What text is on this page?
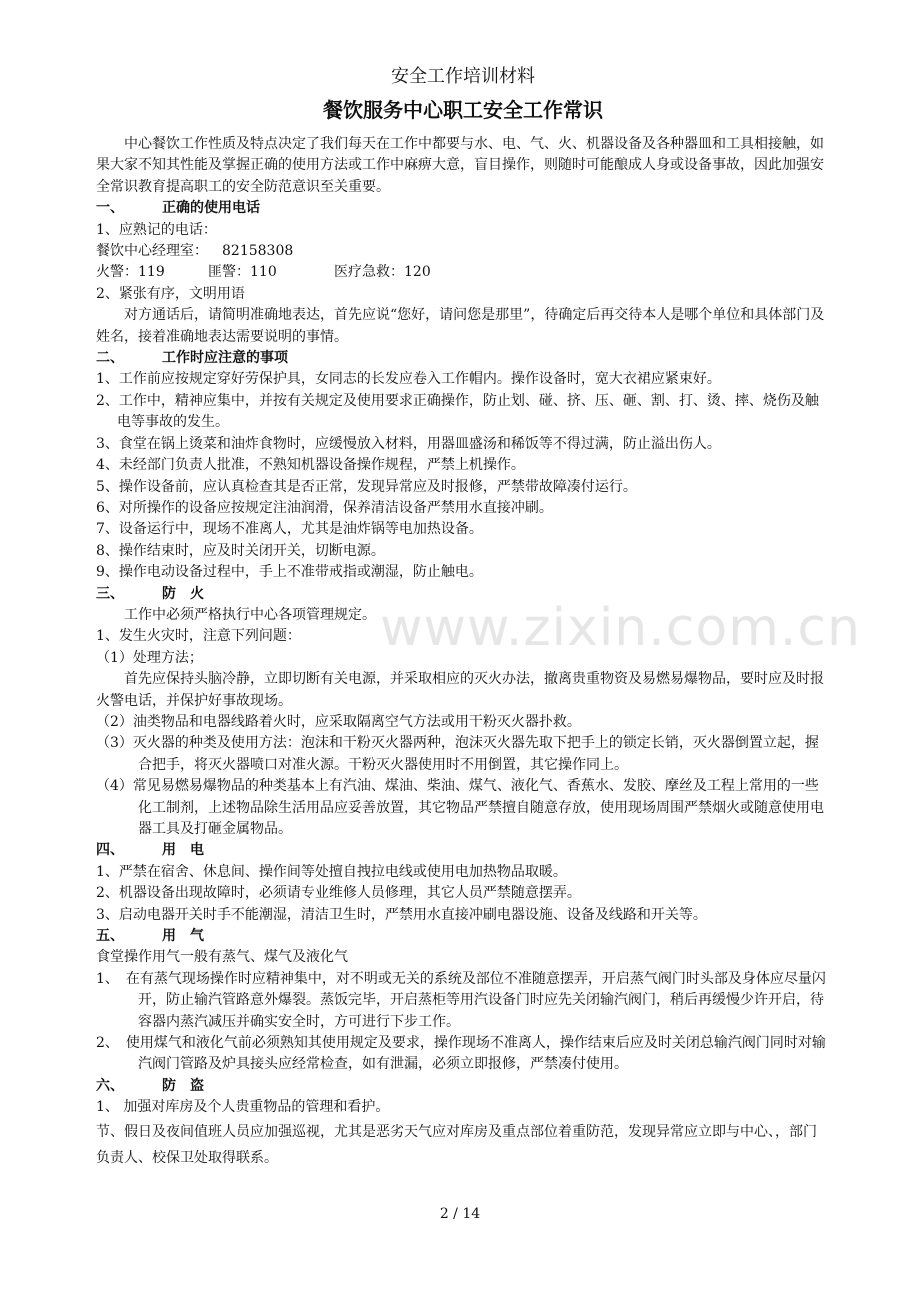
www.zixin.com.cn
安全工作培训材料
餐饮服务中心职工安全工作常识

中心餐饮工作性质及特点决定了我们每天在工作中都要与水、电、气、火、机器设备及各种器皿和工具相接触，如果大家不知其性能及掌握正确的使用方法或工作中麻痹大意，盲目操作，则随时可能酿成人身或设备事故，因此加强安全常识教育提高职工的安全防范意识至关重要。

一、	正确的使用电话

1、应熟记的电话：

餐饮中心经理室：	82158308

火警：119	匪警：110	医疗急救：120

2、紧张有序，文明用语

对方通话后，请简明准确地表达，首先应说“您好，请问您是那里”，待确定后再交待本人是哪个单位和具体部门及姓名，接着准确地表达需要说明的事情。

二、	工作时应注意的事项

1、工作前应按规定穿好劳保护具，女同志的长发应卷入工作帽内。操作设备时，宽大衣裙应紧束好。

2、工作中，精神应集中，并按有关规定及使用要求正确操作，防止划、碰、挤、压、砸、割、打、烫、摔、烧伤及触电等事故的发生。

3、食堂在锅上烫菜和油炸食物时，应缓慢放入材料，用器皿盛汤和稀饭等不得过满，防止溢出伤人。

4、未经部门负责人批准，不熟知机器设备操作规程，严禁上机操作。

5、操作设备前，应认真检查其是否正常，发现异常应及时报修，严禁带故障凑付运行。

6、对所操作的设备应按规定注油润滑，保养清洁设备严禁用水直接冲刷。

7、设备运行中，现场不准离人，尤其是油炸锅等电加热设备。

8、操作结束时，应及时关闭开关，切断电源。

9、操作电动设备过程中，手上不准带戒指或潮湿，防止触电。

三、	防　火

工作中必须严格执行中心各项管理规定。

1、发生火灾时，注意下列问题：

（1）处理方法；

首先应保持头脑冷静，立即切断有关电源，并采取相应的灭火办法，撤离贵重物资及易燃易爆物品，要时应及时报火警电话，并保护好事故现场。

（2）油类物品和电器线路着火时，应采取隔离空气方法或用干粉灭火器扑救。

（3）灭火器的种类及使用方法：泡沫和干粉灭火器两种，泡沫灭火器先取下把手上的锁定长销，灭火器倒置立起，握合把手，将灭火器喷口对准火源。干粉灭火器使用时不用倒置，其它操作同上。

（4）常见易燃易爆物品的种类基本上有汽油、煤油、柴油、煤气、液化气、香蕉水、发胶、摩丝及工程上常用的一些化工制剂，上述物品除生活用品应妥善放置，其它物品严禁擅自随意存放，使用现场周围严禁烟火或随意使用电器工具及打砸金属物品。

四、	用　电

1、严禁在宿舍、休息间、操作间等处擅自拽拉电线或使用电加热物品取暖。

2、机器设备出现故障时，必须请专业维修人员修理，其它人员严禁随意摆弄。

3、启动电器开关时手不能潮湿，清洁卫生时，严禁用水直接冲刷电器设施、设备及线路和开关等。

五、	用　气

食堂操作用气一般有蒸气、煤气及液化气

1、　在有蒸气现场操作时应精神集中，对不明或无关的系统及部位不准随意摆弄，开启蒸气阀门时头部及身体应尽量闪开，防止输汽管路意外爆裂。蒸饭完毕，开启蒸柜等用汽设备门时应先关闭输汽阀门，稍后再缓慢少许开启，待容器内蒸汽减压并确实安全时，方可进行下步工作。

2、　使用煤气和液化气前必须熟知其使用规定及要求，操作现场不准离人，操作结束后应及时关闭总输汽阀门同时对输汽阀门管路及炉具接头应经常检查，如有泄漏，必须立即报修，严禁凑付使用。

六、	防　盗

1、 加强对库房及个人贵重物品的管理和看护。

节、假日及夜间值班人员应加强巡视，尤其是恶劣天气应对库房及重点部位着重防范，发现异常应立即与中心、，部门负责人、校保卫处取得联系。

2 / 14
